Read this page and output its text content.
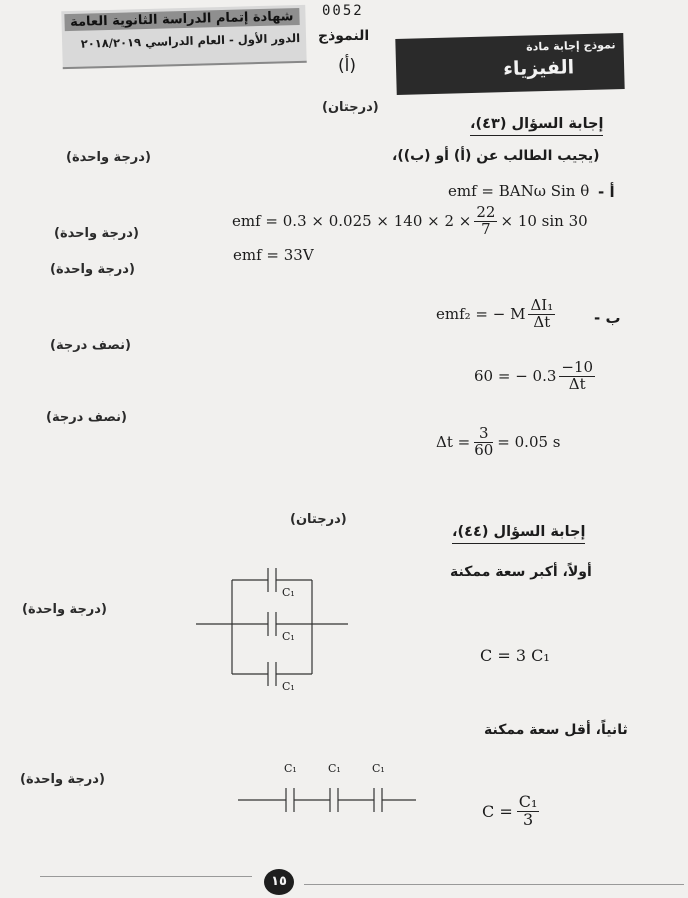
0052
شهادة إتمام الدراسة الثانوية العامة
الدور الأول - العام الدراسي ٢٠١٨/٢٠١٩ النموذج
(أ)
نموذج إجابة مادة
الفيزياء
(درجتان)
إجابة السؤال (٤٣)،
(يجيب الطالب عن (أ) أو (ب))،
(درجة واحدة)
أ -
emf = BANω Sin θ
emf = $0.3 \times 0.025 \times 140 \times 2 \times \frac{22}{7} \times 10$ sin 30
(درجة واحدة)
emf = 33V
(درجة واحدة)
ب -
emf₂ = − M $\frac{\text{ΔI₁}}{\Delta t}$
(نصف درجة)
60 = − $0.3 \frac{-10}{\Delta t}$
(نصف درجة)
$\Delta t = \frac{3}{60} = 0.05$ s
(درجتان)
إجابة السؤال (٤٤)،
أولاً، أكبر سعة ممكنة
(درجة واحدة)
C₁
C₁
C₁
C = 3 C₁
ثانياً، أقل سعة ممكنة
(درجة واحدة)
C₁	C₁	C₁
$C = \frac{\text{C₁}}{3}$
١٥
